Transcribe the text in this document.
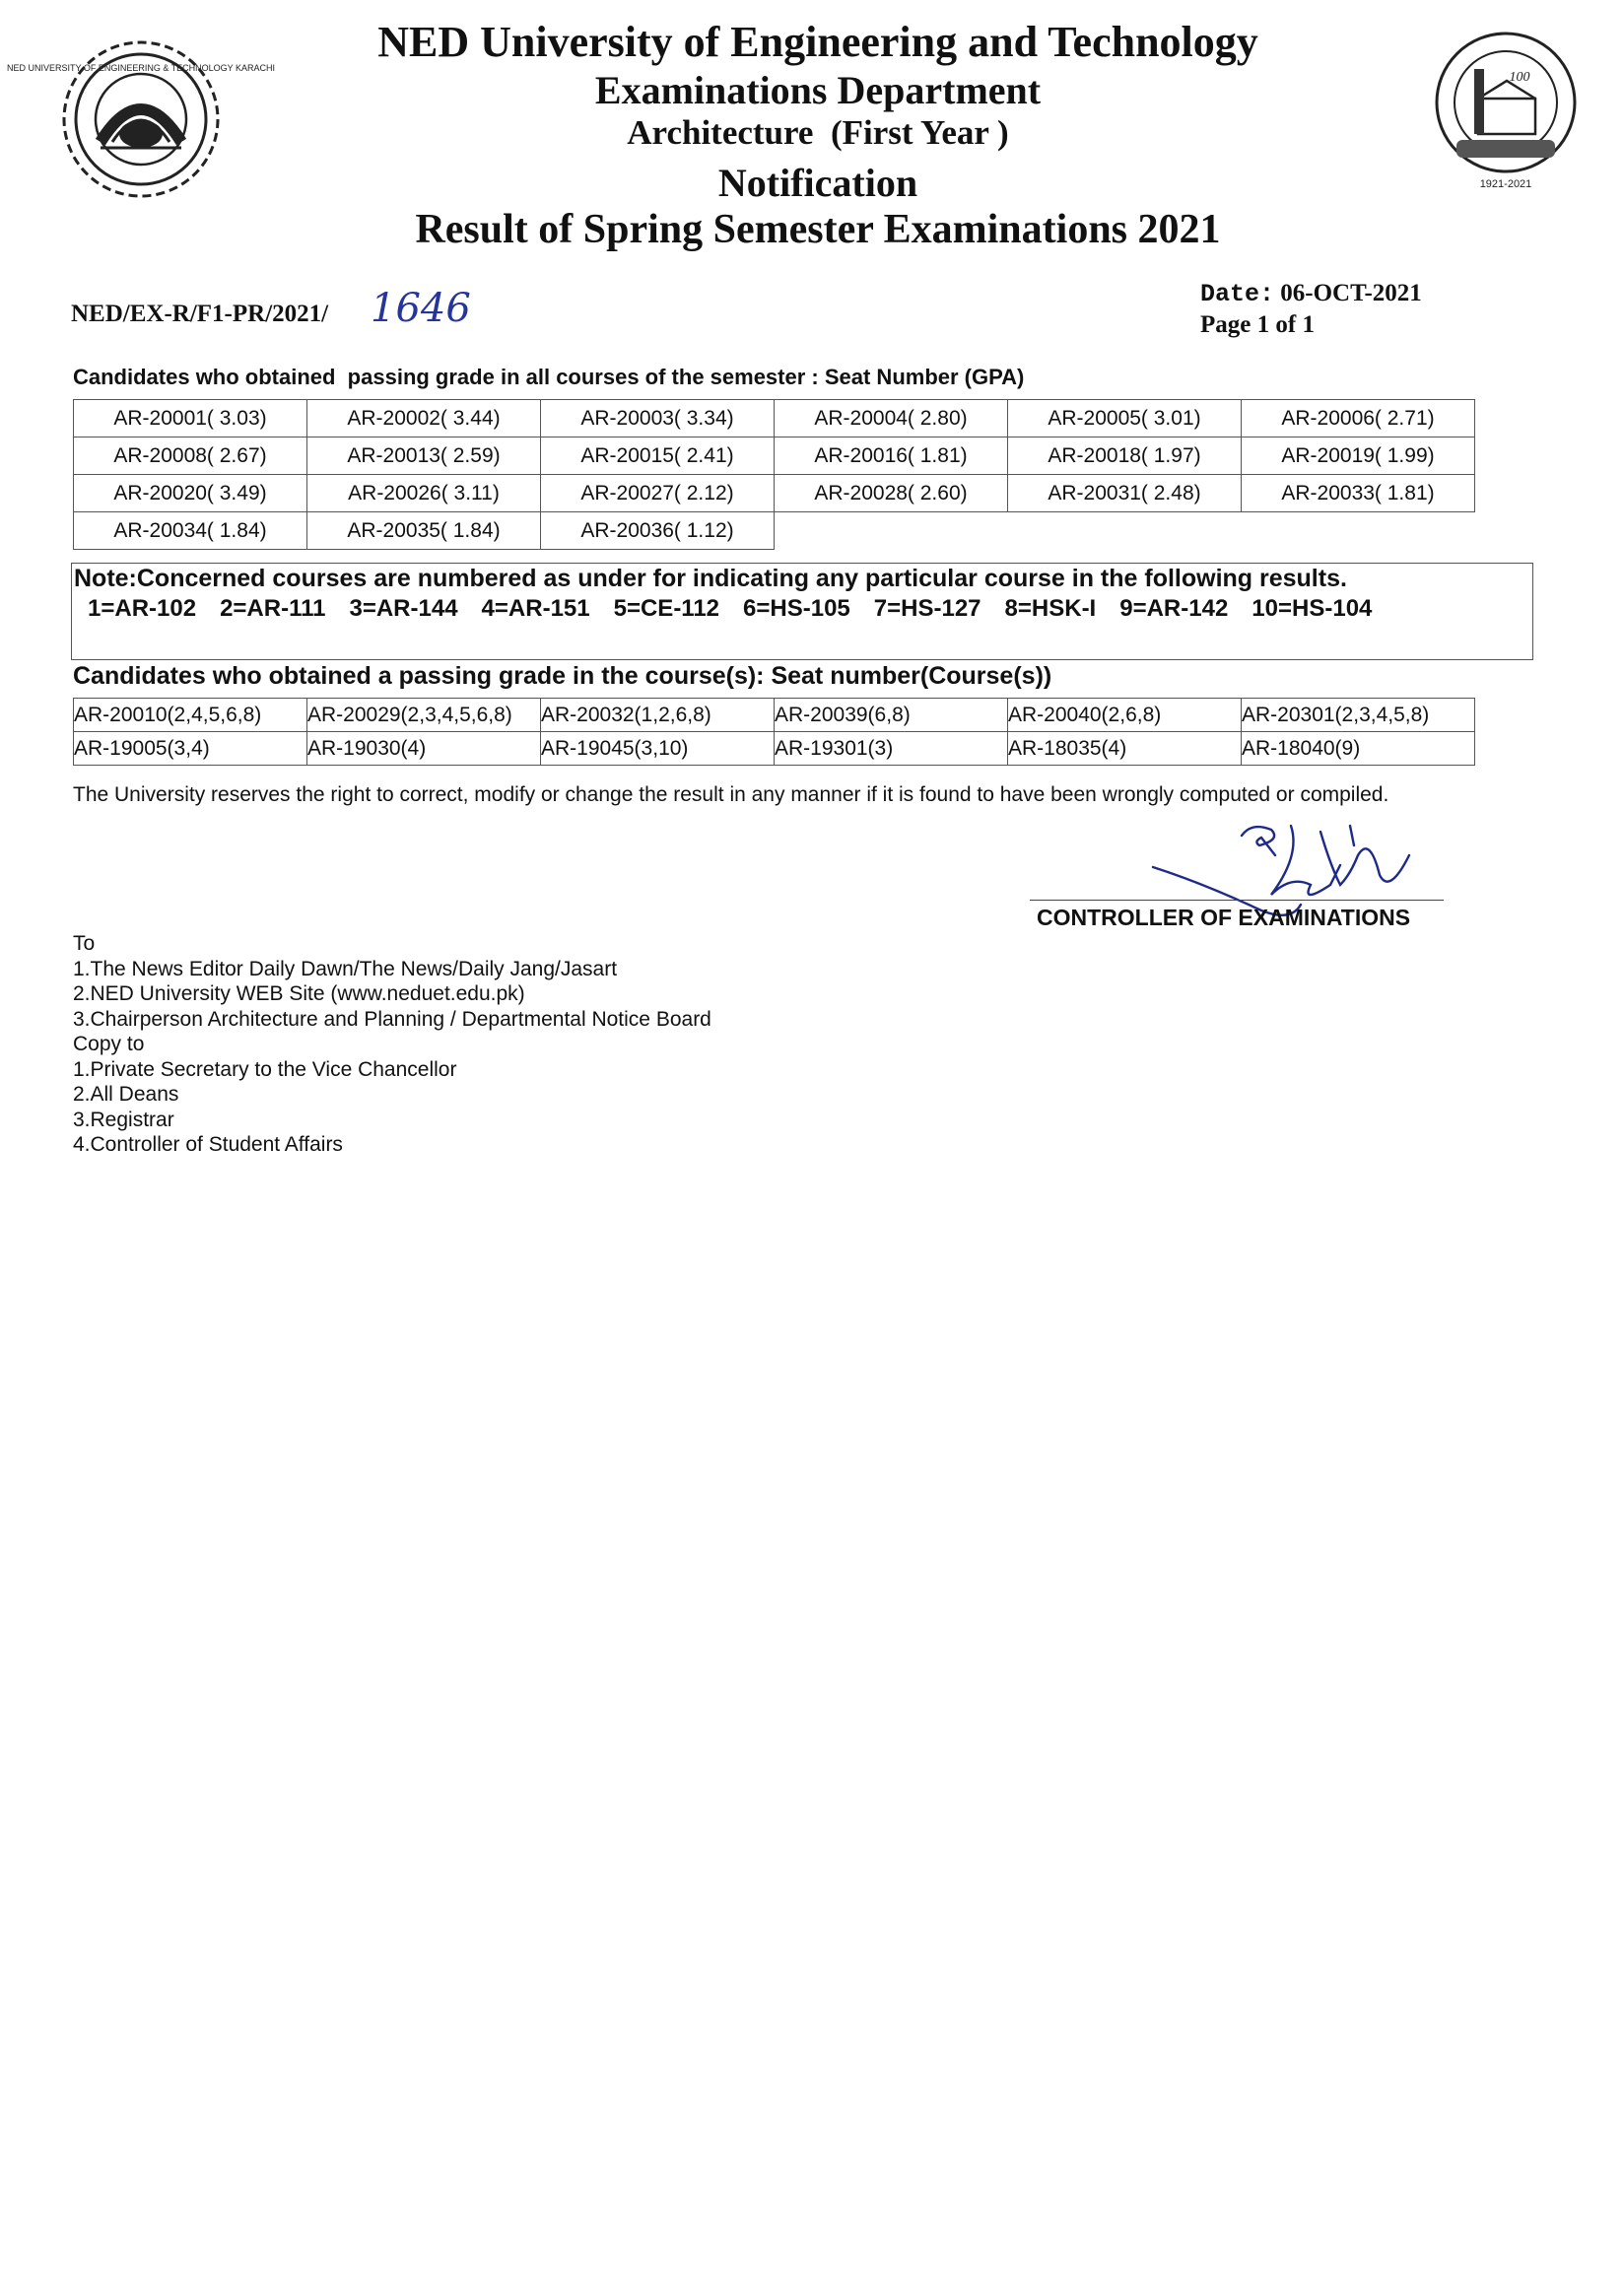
NED UNIVERSITY OF ENGINEERING & TECHNOLOGY KARACHI
100
1921-2021
NED University of Engineering and Technology
Examinations Department
Architecture  (First Year )
Notification
Result of Spring Semester Examinations 2021
NED/EX-R/F1-PR/2021/ 1646	Date: 06-OCT-2021
Page 1 of 1
Candidates who obtained  passing grade in all courses of the semester : Seat Number (GPA)
AR-20001( 3.03)	AR-20002( 3.44)	AR-20003( 3.34)	AR-20004( 2.80)	AR-20005( 3.01)	AR-20006( 2.71)
AR-20008( 2.67)	AR-20013( 2.59)	AR-20015( 2.41)	AR-20016( 1.81)	AR-20018( 1.97)	AR-20019( 1.99)
AR-20020( 3.49)	AR-20026( 3.11)	AR-20027( 2.12)	AR-20028( 2.60)	AR-20031( 2.48)	AR-20033( 1.81)
AR-20034( 1.84)	AR-20035( 1.84)	AR-20036( 1.12)			
Note:Concerned courses are numbered as under for indicating any particular course in the following results.
1=AR-102 2=AR-111 3=AR-144 4=AR-151 5=CE-112 6=HS-105 7=HS-127 8=HSK-I 9=AR-142 10=HS-104
Candidates who obtained a passing grade in the course(s): Seat number(Course(s))
AR-20010(2,4,5,6,8)	AR-20029(2,3,4,5,6,8)	AR-20032(1,2,6,8)	AR-20039(6,8)	AR-20040(2,6,8)	AR-20301(2,3,4,5,8)
AR-19005(3,4)	AR-19030(4)	AR-19045(3,10)	AR-19301(3)	AR-18035(4)	AR-18040(9)
The University reserves the right to correct, modify or change the result in any manner if it is found to have been wrongly computed or compiled.
CONTROLLER OF EXAMINATIONS
To
1.The News Editor Daily Dawn/The News/Daily Jang/Jasart
2.NED University WEB Site (www.neduet.edu.pk)
3.Chairperson Architecture and Planning / Departmental Notice Board
Copy to
1.Private Secretary to the Vice Chancellor
2.All Deans
3.Registrar
4.Controller of Student Affairs
